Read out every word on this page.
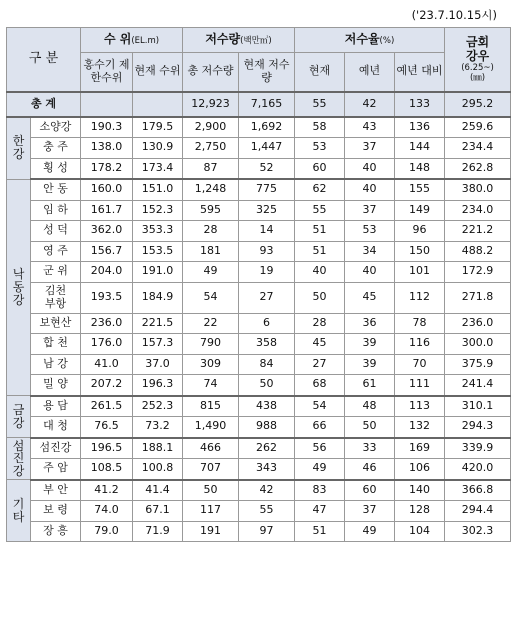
('23.7.10.15시)
구 분		수 위(EL.m)		저수량(백만㎥)		저수율(%)			금회강우
(6.25~)
(㎜)

		홍수기 제한수위	현재 수위	총 저수량	현재 저수량	현재	예년	예년 대비	
총 계				12,923	7,165	55	42	133	295.2

한강	소양강	190.3	179.5	2,900	1,692	58	43	136	259.6

	충 주	138.0	130.9	2,750	1,447	53	37	144	234.4

	횡 성	178.2	173.4	87	52	60	40	148	262.8

낙동강	안 동	160.0	151.0	1,248	775	62	40	155	380.0

	임 하	161.7	152.3	595	325	55	37	149	234.0

	성 덕	362.0	353.3	28	14	51	53	96	221.2

	영 주	156.7	153.5	181	93	51	34	150	488.2

	군 위	204.0	191.0	49	19	40	40	101	172.9

	김천부항	193.5	184.9	54	27	50	45	112	271.8

	보현산	236.0	221.5	22	6	28	36	78	236.0

	합 천	176.0	157.3	790	358	45	39	116	300.0

	남 강	41.0	37.0	309	84	27	39	70	375.9

	밀 양	207.2	196.3	74	50	68	61	111	241.4

금강	용 담	261.5	252.3	815	438	54	48	113	310.1

	대 청	76.5	73.2	1,490	988	66	50	132	294.3

섬진강	섬진강	196.5	188.1	466	262	56	33	169	339.9

	주 암	108.5	100.8	707	343	49	46	106	420.0

기타	부 안	41.2	41.4	50	42	83	60	140	366.8

	보 령	74.0	67.1	117	55	47	37	128	294.4

	장 흥	79.0	71.9	191	97	51	49	104	302.3
